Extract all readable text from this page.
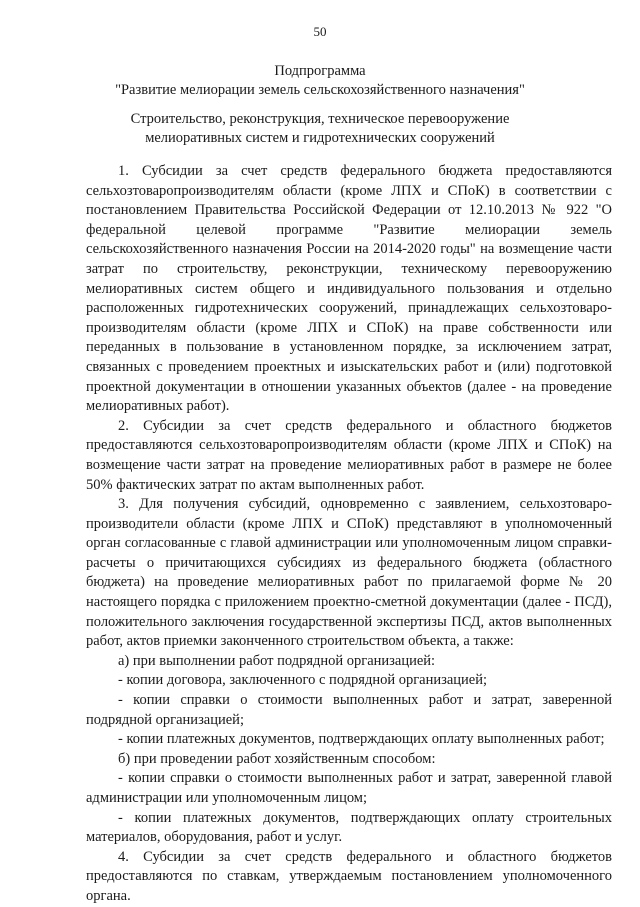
50
Подпрограмма
"Развитие мелиорации земель сельскохозяйственного назначения"
Строительство, реконструкция, техническое перевооружение
мелиоративных систем и гидротехнических сооружений

1. Субсидии за счет средств федерального бюджета предоставляются сельхозтоваропроизводителям области (кроме ЛПХ и СПоК) в соответствии с постановлением Правительства Российской Федерации от 12.10.2013 № 922 "О федеральной целевой программе "Развитие мелиорации земель сельскохозяйственного назначения России на 2014-2020 годы" на возмещение части затрат по строительству, реконструкции, техническому перевооружению мелиоративных систем общего и индивидуального пользования и отдельно расположенных гидротехнических сооружений, принадлежащих сельхозтоваро-производителям области (кроме ЛПХ и СПоК) на праве собственности или переданных в пользование в установленном порядке, за исключением затрат, связанных с проведением проектных и изыскательских работ и (или) подготовкой проектной документации в отношении указанных объектов (далее - на проведение мелиоративных работ).

2. Субсидии за счет средств федерального и областного бюджетов предоставляются сельхозтоваропроизводителям области (кроме ЛПХ и СПоК) на возмещение части затрат на проведение мелиоративных работ в размере не более 50% фактических затрат по актам выполненных работ.

3. Для получения субсидий, одновременно с заявлением, сельхозтоваро-производители области (кроме ЛПХ и СПоК) представляют в уполномоченный орган согласованные с главой администрации или уполномоченным лицом справки-расчеты о причитающихся субсидиях из федерального бюджета (областного бюджета) на проведение мелиоративных работ по прилагаемой форме № 20 настоящего порядка с приложением проектно-сметной документации (далее - ПСД), положительного заключения государственной экспертизы ПСД, актов выполненных работ, актов приемки законченного строительством объекта, а также:

а) при выполнении работ подрядной организацией:

- копии договора, заключенного с подрядной организацией;

- копии справки о стоимости выполненных работ и затрат, заверенной подрядной организацией;

- копии платежных документов, подтверждающих оплату выполненных работ;

б) при проведении работ хозяйственным способом:

- копии справки о стоимости выполненных работ и затрат, заверенной главой администрации или уполномоченным лицом;

- копии платежных документов, подтверждающих оплату строительных материалов, оборудования, работ и услуг.

4. Субсидии за счет средств федерального и областного бюджетов предоставляются по ставкам, утверждаемым постановлением уполномоченного органа.
